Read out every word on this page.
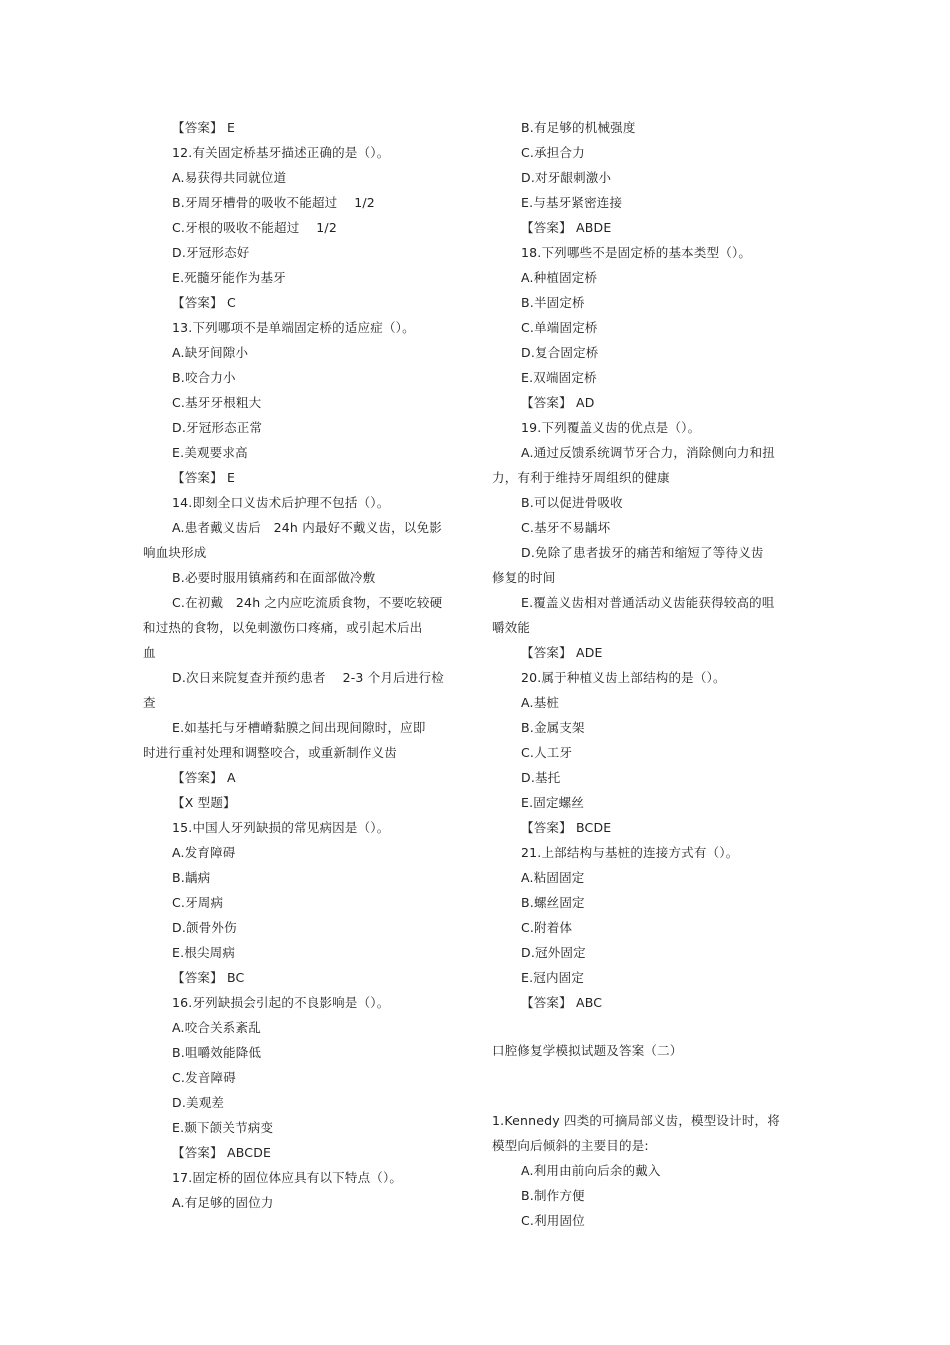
【答案】 E
12.有关固定桥基牙描述正确的是（）。
A.易获得共同就位道
B.牙周牙槽骨的吸收不能超过　 1/2
C.牙根的吸收不能超过　 1/2
D.牙冠形态好
E.死髓牙能作为基牙
【答案】 C
13.下列哪项不是单端固定桥的适应症（）。
A.缺牙间隙小
B.咬合力小
C.基牙牙根粗大
D.牙冠形态正常
E.美观要求高
【答案】 E
14.即刻全口义齿术后护理不包括（）。
A.患者戴义齿后　24h 内最好不戴义齿，以免影
响血块形成
B.必要时服用镇痛药和在面部做冷敷
C.在初戴　24h 之内应吃流质食物，不要吃较硬
和过热的食物，以免刺激伤口疼痛，或引起术后出
血
D.次日来院复查并预约患者　 2-3 个月后进行检
查
E.如基托与牙槽嵴黏膜之间出现间隙时，应即
时进行重衬处理和调整咬合，或重新制作义齿
【答案】 A
【X 型题】
15.中国人牙列缺损的常见病因是（）。
A.发育障碍
B.龋病
C.牙周病
D.颌骨外伤
E.根尖周病
【答案】 BC
16.牙列缺损会引起的不良影响是（）。
A.咬合关系紊乱
B.咀嚼效能降低
C.发音障碍
D.美观差
E.颞下颌关节病变
【答案】 ABCDE
17.固定桥的固位体应具有以下特点（）。
A.有足够的固位力
B.有足够的机械强度
C.承担合力
D.对牙龈刺激小
E.与基牙紧密连接
【答案】 ABDE
18.下列哪些不是固定桥的基本类型（）。
A.种植固定桥
B.半固定桥
C.单端固定桥
D.复合固定桥
E.双端固定桥
【答案】 AD
19.下列覆盖义齿的优点是（）。
A.通过反馈系统调节牙合力，消除侧向力和扭
力，有利于维持牙周组织的健康
B.可以促进骨吸收
C.基牙不易龋坏
D.免除了患者拔牙的痛苦和缩短了等待义齿
修复的时间
E.覆盖义齿相对普通活动义齿能获得较高的咀
嚼效能
【答案】 ADE
20.属于种植义齿上部结构的是（）。
A.基桩
B.金属支架
C.人工牙
D.基托
E.固定螺丝
【答案】 BCDE
21.上部结构与基桩的连接方式有（）。
A.粘固固定
B.螺丝固定
C.附着体
D.冠外固定
E.冠内固定
【答案】 ABC
口腔修复学模拟试题及答案（二）
1.Kennedy 四类的可摘局部义齿，模型设计时，将
模型向后倾斜的主要目的是:
A.利用由前向后余的戴入
B.制作方便
C.利用固位
